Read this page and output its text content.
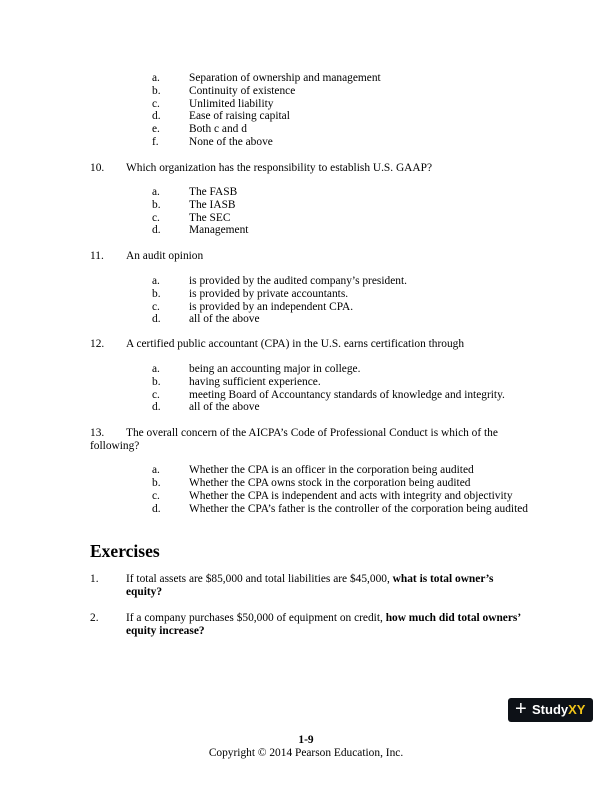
a.	Separation of ownership and management
b.	Continuity of existence
c.	Unlimited liability
d.	Ease of raising capital
e.	Both c and d
f.	None of the above
10. Which organization has the responsibility to establish U.S. GAAP?
a.	The FASB
b.	The IASB
c.	The SEC
d.	Management
11. An audit opinion
a.	is provided by the audited company’s president.
b.	is provided by private accountants.
c.	is provided by an independent CPA.
d.	all of the above
12. A certified public accountant (CPA) in the U.S. earns certification through
a.	being an accounting major in college.
b.	having sufficient experience.
c.	meeting Board of Accountancy standards of knowledge and integrity.
d.	all of the above
13. The overall concern of the AICPA’s Code of Professional Conduct is which of the
following?
a.	Whether the CPA is an officer in the corporation being audited
b.	Whether the CPA owns stock in the corporation being audited
c.	Whether the CPA is independent and acts with integrity and objectivity
d.	Whether the CPA’s father is the controller of the corporation being audited
Exercises
1. If total assets are $85,000 and total liabilities are $45,000, what is total owner’s
equity?
2. If a company purchases $50,000 of equipment on credit, how much did total owners’
equity increase?
+ StudyXY
1-9
Copyright © 2014 Pearson Education, Inc.
